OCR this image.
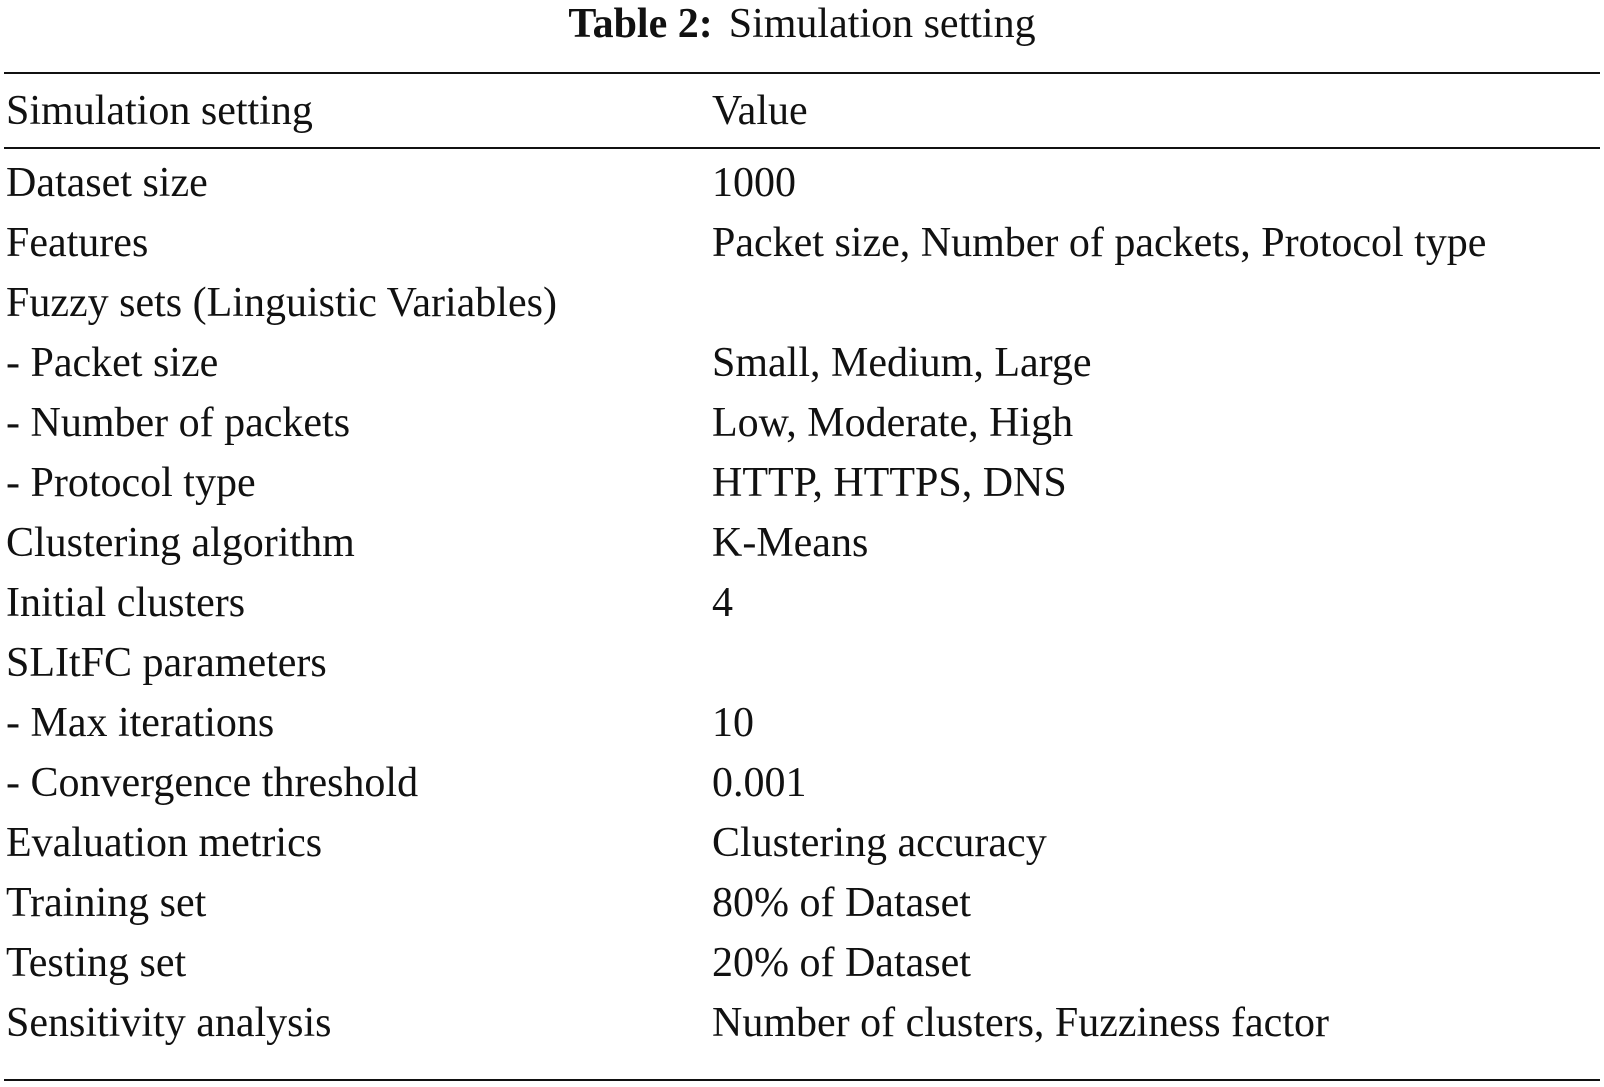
Table 2: Simulation setting
Simulation setting	Value
Dataset size	1000
Features	Packet size, Number of packets, Protocol type
Fuzzy sets (Linguistic Variables)
- Packet size	Small, Medium, Large
- Number of packets	Low, Moderate, High
- Protocol type	HTTP, HTTPS, DNS
Clustering algorithm	K-Means
Initial clusters	4
SLItFC parameters
- Max iterations	10
- Convergence threshold	0.001
Evaluation metrics	Clustering accuracy
Training set	80% of Dataset
Testing set	20% of Dataset
Sensitivity analysis	Number of clusters, Fuzziness factor
